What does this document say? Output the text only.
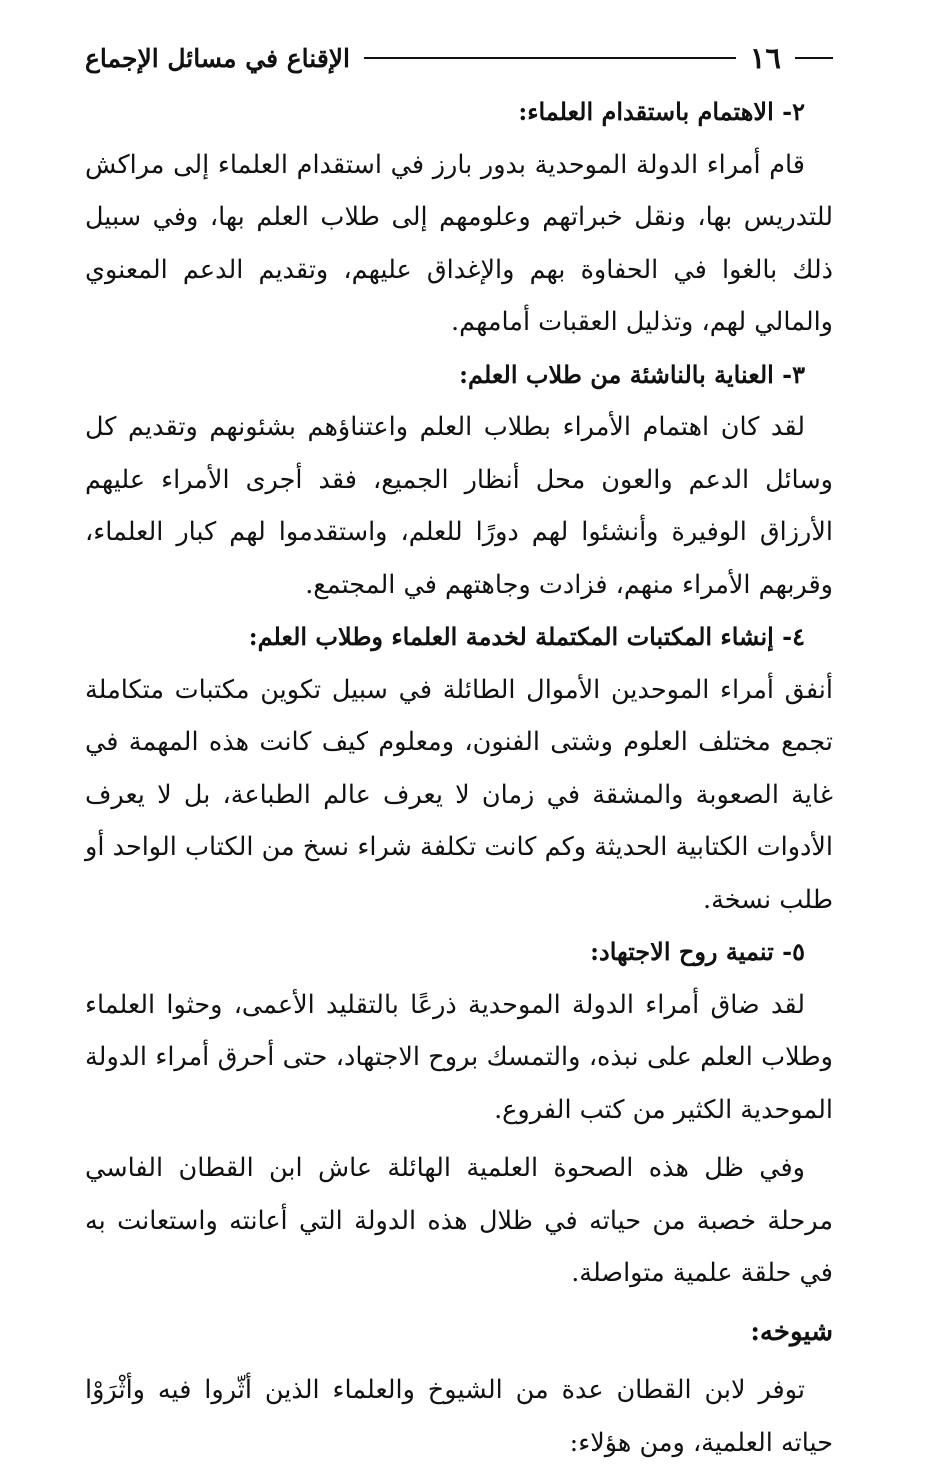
١٦
الإقناع في مسائل الإجماع

٢- الاهتمام باستقدام العلماء:

قام أمراء الدولة الموحدية بدور بارز في استقدام العلماء إلى مراكش للتدريس بها، ونقل خبراتهم وعلومهم إلى طلاب العلم بها، وفي سبيل ذلك بالغوا في الحفاوة بهم والإغداق عليهم، وتقديم الدعم المعنوي والمالي لهم، وتذليل العقبات أمامهم.

٣- العناية بالناشئة من طلاب العلم:

لقد كان اهتمام الأمراء بطلاب العلم واعتناؤهم بشئونهم وتقديم كل وسائل الدعم والعون محل أنظار الجميع، فقد أجرى الأمراء عليهم الأرزاق الوفيرة وأنشئوا لهم دورًا للعلم، واستقدموا لهم كبار العلماء، وقربهم الأمراء منهم، فزادت وجاهتهم في المجتمع.

٤- إنشاء المكتبات المكتملة لخدمة العلماء وطلاب العلم:

أنفق أمراء الموحدين الأموال الطائلة في سبيل تكوين مكتبات متكاملة تجمع مختلف العلوم وشتى الفنون، ومعلوم كيف كانت هذه المهمة في غاية الصعوبة والمشقة في زمان لا يعرف عالم الطباعة، بل لا يعرف الأدوات الكتابية الحديثة وكم كانت تكلفة شراء نسخ من الكتاب الواحد أو طلب نسخة.

٥- تنمية روح الاجتهاد:

لقد ضاق أمراء الدولة الموحدية ذرعًا بالتقليد الأعمى، وحثوا العلماء وطلاب العلم على نبذه، والتمسك بروح الاجتهاد، حتى أحرق أمراء الدولة الموحدية الكثير من كتب الفروع.

وفي ظل هذه الصحوة العلمية الهائلة عاش ابن القطان الفاسي مرحلة خصبة من حياته في ظلال هذه الدولة التي أعانته واستعانت به في حلقة علمية متواصلة.

شيوخه:

توفر لابن القطان عدة من الشيوخ والعلماء الذين أثّروا فيه وأثْرَوْا حياته العلمية، ومن هؤلاء:
